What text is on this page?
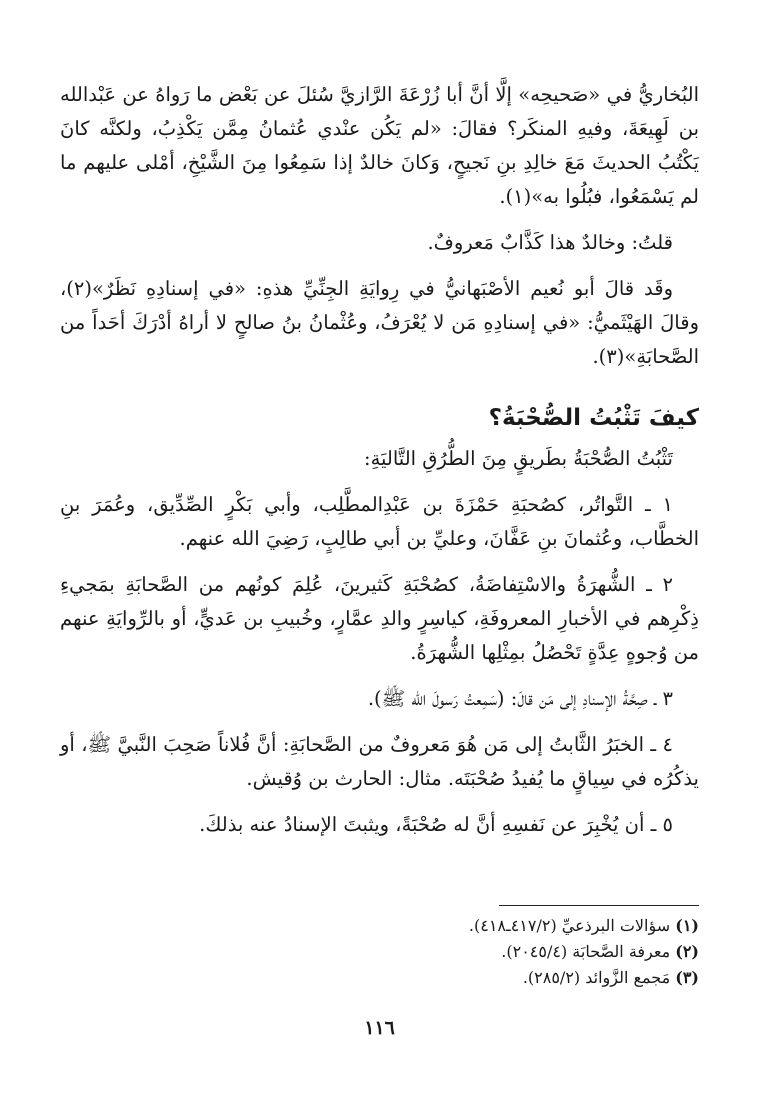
البُخاريُّ في «صَحيحِه» إلَّا أنَّ أبا زُرْعَةَ الرَّازيَّ سُئلَ عن بَعْض ما رَواهُ عن عَبْدالله بن لَهِيعَةَ، وفيهِ المنكَر؟ فقالَ: «لم يَكُن عنْدي عُثمانُ مِمَّن يَكْذِبُ، ولكنَّه كانَ يَكْتُبُ الحديثَ مَعَ خالِدِ بنِ نَجيحٍ، وَكانَ خالدٌ إذا سَمِعُوا مِنَ الشَّيْخِ، أمْلى عليهم ما لم يَسْمَعُوا، فبُلُوا به»(١).

قلتُ: وخالدٌ هذا كَذَّابٌ مَعروفٌ.

وقَد قالَ أبو نُعيم الأصْبَهانيُّ في رِوايَةِ الجِنِّيِّ هذهِ: «في إسنادِهِ نَظَرٌ»(٢)، وقالَ الهَيْثَميُّ: «في إسنادِهِ مَن لا يُعْرَفُ، وعُثْمانُ بنُ صالحٍ لا أراهُ أدْرَكَ أحَداً من الصَّحابَةِ»(٣).

كيفَ تَثْبُتُ الصُّحْبَةُ؟

تَثْبُتُ الصُّحْبَةُ بطَريقٍ مِنَ الطُّرُقِ التَّاليَةِ:

١ ـ التَّواتُر، كصُحبَةِ حَمْزَةَ بن عَبْدِالمطَّلِب، وأبي بَكْرٍ الصِّدِّيق، وعُمَرَ بنِ الخطَّاب، وعُثمانَ بنِ عَفَّانَ، وعليِّ بن أبي طالِبٍ، رَضِيَ الله عنهم.

٢ ـ الشُّهرَةُ والاسْتِفاضَةُ، كصُحْبَةِ كَثيرينَ، عُلِمَ كونُهم من الصَّحابَةِ بمَجيءِ ذِكْرِهم في الأخبارِ المعروفَةِ، كياسِرٍ والدِ عمَّارٍ، وخُبيبِ بن عَديٍّ، أو بالرِّوايَةِ عنهم من وُجوهٍ عِدَّةٍ تَحْصُلُ بمِثْلِها الشُّهرَةُ.

٣ ـ صِحَّةُ الإسنادِ إلى مَن قالَ: (سَمِعتُ رَسولَ الله ﷺ).

٤ ـ الخبَرُ الثَّابتُ إلى مَن هُوَ مَعروفٌ من الصَّحابَةِ: أنَّ فُلاناً صَحِبَ النَّبيَّ ﷺ، أو يذكُرُه في سِياقٍ ما يُفيدُ صُحْبَتَه. مثال: الحارث بن وُقيش.

٥ ـ أن يُخْبِرَ عن نَفسِهِ أنَّ له صُحْبَةً، ويثبتَ الإسنادُ عنه بذلكَ.

(١) سؤالات البرذعيِّ (٤١٧/٢ـ٤١٨).
(٢) معرفة الصَّحابَة (٢٠٤٥/٤).
(٣) مَجمع الزَّوائد (٢٨٥/٢).
١١٦
